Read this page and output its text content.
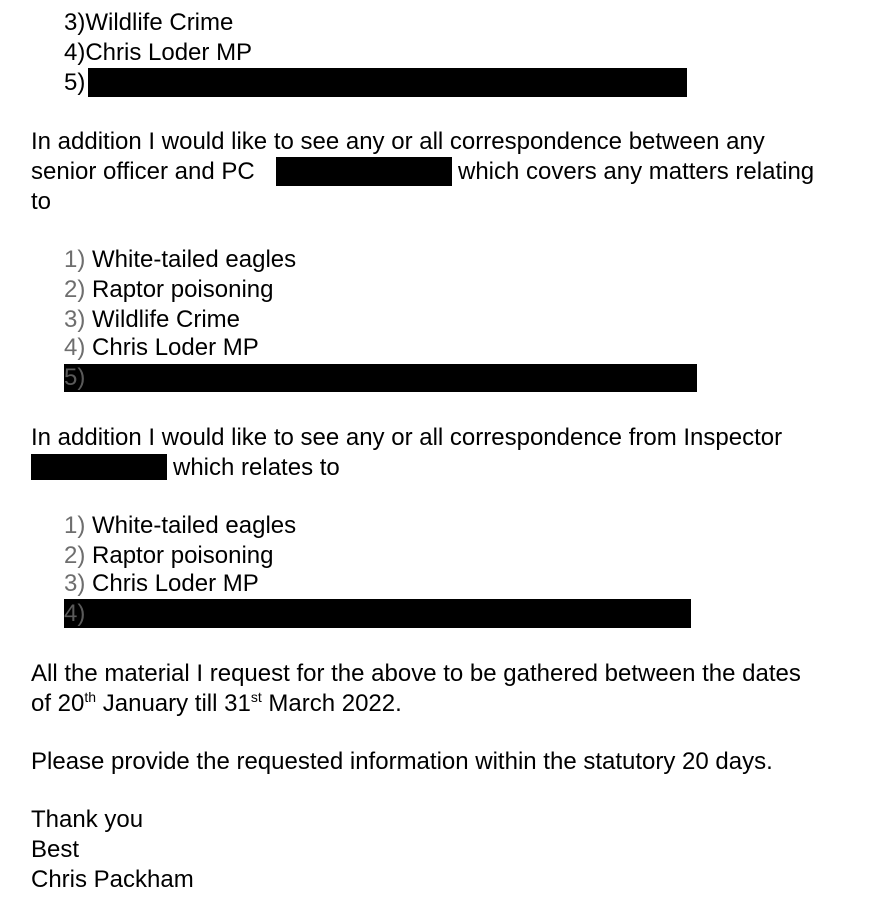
3)Wildlife Crime
4)Chris Loder MP
5)
In addition I would like to see any or all correspondence between any
senior officer and PC	which covers any matters relating
to
1) White-tailed eagles
2) Raptor poisoning
3) Wildlife Crime
4) Chris Loder MP
5)
In addition I would like to see any or all correspondence from Inspector
which relates to
1) White-tailed eagles
2) Raptor poisoning
3) Chris Loder MP
4)
All the material I request for the above to be gathered between the dates
of 20th January till 31st March 2022.
Please provide the requested information within the statutory 20 days.
Thank you
Best
Chris Packham
